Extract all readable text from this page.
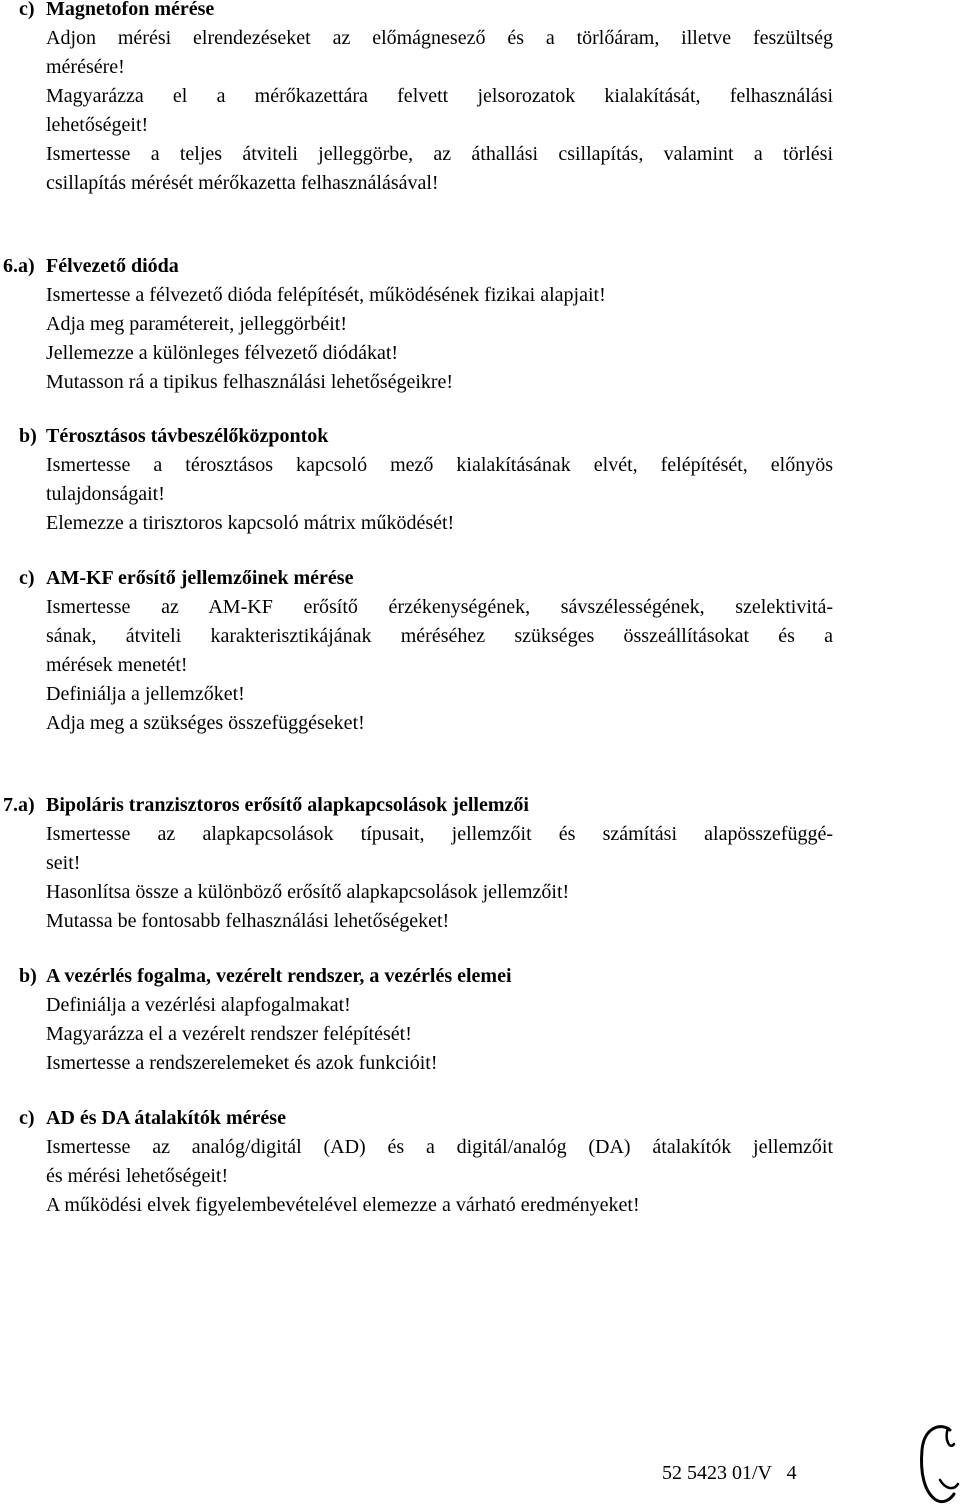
c) Magnetofon mérése
Adjon mérési elrendezéseket az előmágnesező és a törlőáram, illetve feszültség
mérésére!
Magyarázza el a mérőkazettára felvett jelsorozatok kialakítását, felhasználási
lehetőségeit!
Ismertesse a teljes átviteli jelleggörbe, az áthallási csillapítás, valamint a törlési
csillapítás mérését mérőkazetta felhasználásával!
6.a) Félvezető dióda
Ismertesse a félvezető dióda felépítését, működésének fizikai alapjait!
Adja meg paramétereit, jelleggörbéit!
Jellemezze a különleges félvezető diódákat!
Mutasson rá a tipikus felhasználási lehetőségeikre!
b) Térosztásos távbeszélőközpontok
Ismertesse a térosztásos kapcsoló mező kialakításának elvét, felépítését, előnyös
tulajdonságait!
Elemezze a tirisztoros kapcsoló mátrix működését!
c) AM-KF erősítő jellemzőinek mérése
Ismertesse az AM-KF erősítő érzékenységének, sávszélességének, szelektivitá-
sának, átviteli karakterisztikájának méréséhez szükséges összeállításokat és a
mérések menetét!
Definiálja a jellemzőket!
Adja meg a szükséges összefüggéseket!
7.a) Bipoláris tranzisztoros erősítő alapkapcsolások jellemzői
Ismertesse az alapkapcsolások típusait, jellemzőit és számítási alapösszefüggé-
seit!
Hasonlítsa össze a különböző erősítő alapkapcsolások jellemzőit!
Mutassa be fontosabb felhasználási lehetőségeket!
b) A vezérlés fogalma, vezérelt rendszer, a vezérlés elemei
Definiálja a vezérlési alapfogalmakat!
Magyarázza el a vezérelt rendszer felépítését!
Ismertesse a rendszerelemeket és azok funkcióit!
c) AD és DA átalakítók mérése
Ismertesse az analóg/digitál (AD) és a digitál/analóg (DA) átalakítók jellemzőit
és mérési lehetőségeit!
A működési elvek figyelembevételével elemezze a várható eredményeket!
52 5423 01/V 4
